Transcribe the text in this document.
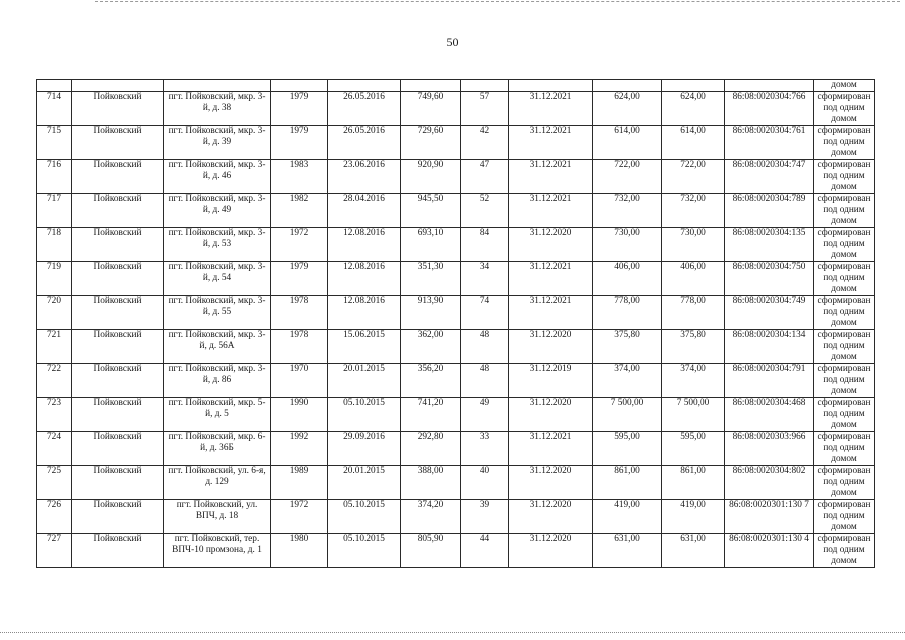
50
											домом
714	Пойковский	пгт. Пойковский, мкр. 3-й, д. 38	1979	26.05.2016	749,60	57	31.12.2021	624,00	624,00	86:08:0020304:766	сформирован под одним домом
715	Пойковский	пгт. Пойковский, мкр. 3-й, д. 39	1979	26.05.2016	729,60	42	31.12.2021	614,00	614,00	86:08:0020304:761	сформирован под одним домом
716	Пойковский	пгт. Пойковский, мкр. 3-й, д. 46	1983	23.06.2016	920,90	47	31.12.2021	722,00	722,00	86:08:0020304:747	сформирован под одним домом
717	Пойковский	пгт. Пойковский, мкр. 3-й, д. 49	1982	28.04.2016	945,50	52	31.12.2021	732,00	732,00	86:08:0020304:789	сформирован под одним домом
718	Пойковский	пгт. Пойковский, мкр. 3-й, д. 53	1972	12.08.2016	693,10	84	31.12.2020	730,00	730,00	86:08:0020304:135	сформирован под одним домом
719	Пойковский	пгт. Пойковский, мкр. 3-й, д. 54	1979	12.08.2016	351,30	34	31.12.2021	406,00	406,00	86:08:0020304:750	сформирован под одним домом
720	Пойковский	пгт. Пойковский, мкр. 3-й, д. 55	1978	12.08.2016	913,90	74	31.12.2021	778,00	778,00	86:08:0020304:749	сформирован под одним домом
721	Пойковский	пгт. Пойковский, мкр. 3-й, д. 56А	1978	15.06.2015	362,00	48	31.12.2020	375,80	375,80	86:08:0020304:134	сформирован под одним домом
722	Пойковский	пгт. Пойковский, мкр. 3-й, д. 86	1970	20.01.2015	356,20	48	31.12.2019	374,00	374,00	86:08:0020304:791	сформирован под одним домом
723	Пойковский	пгт. Пойковский, мкр. 5-й, д. 5	1990	05.10.2015	741,20	49	31.12.2020	7 500,00	7 500,00	86:08:0020304:468	сформирован под одним домом
724	Пойковский	пгт. Пойковский, мкр. 6-й, д. 36Б	1992	29.09.2016	292,80	33	31.12.2021	595,00	595,00	86:08:0020303:966	сформирован под одним домом
725	Пойковский	пгт. Пойковский, ул. 6-я, д. 129	1989	20.01.2015	388,00	40	31.12.2020	861,00	861,00	86:08:0020304:802	сформирован под одним домом
726	Пойковский	пгт. Пойковский, ул. ВПЧ, д. 18	1972	05.10.2015	374,20	39	31.12.2020	419,00	419,00	86:08:0020301:130 7	сформирован под одним домом
727	Пойковский	пгт. Пойковский, тер. ВПЧ-10 промзона, д. 1	1980	05.10.2015	805,90	44	31.12.2020	631,00	631,00	86:08:0020301:130 4	сформирован под одним домом
